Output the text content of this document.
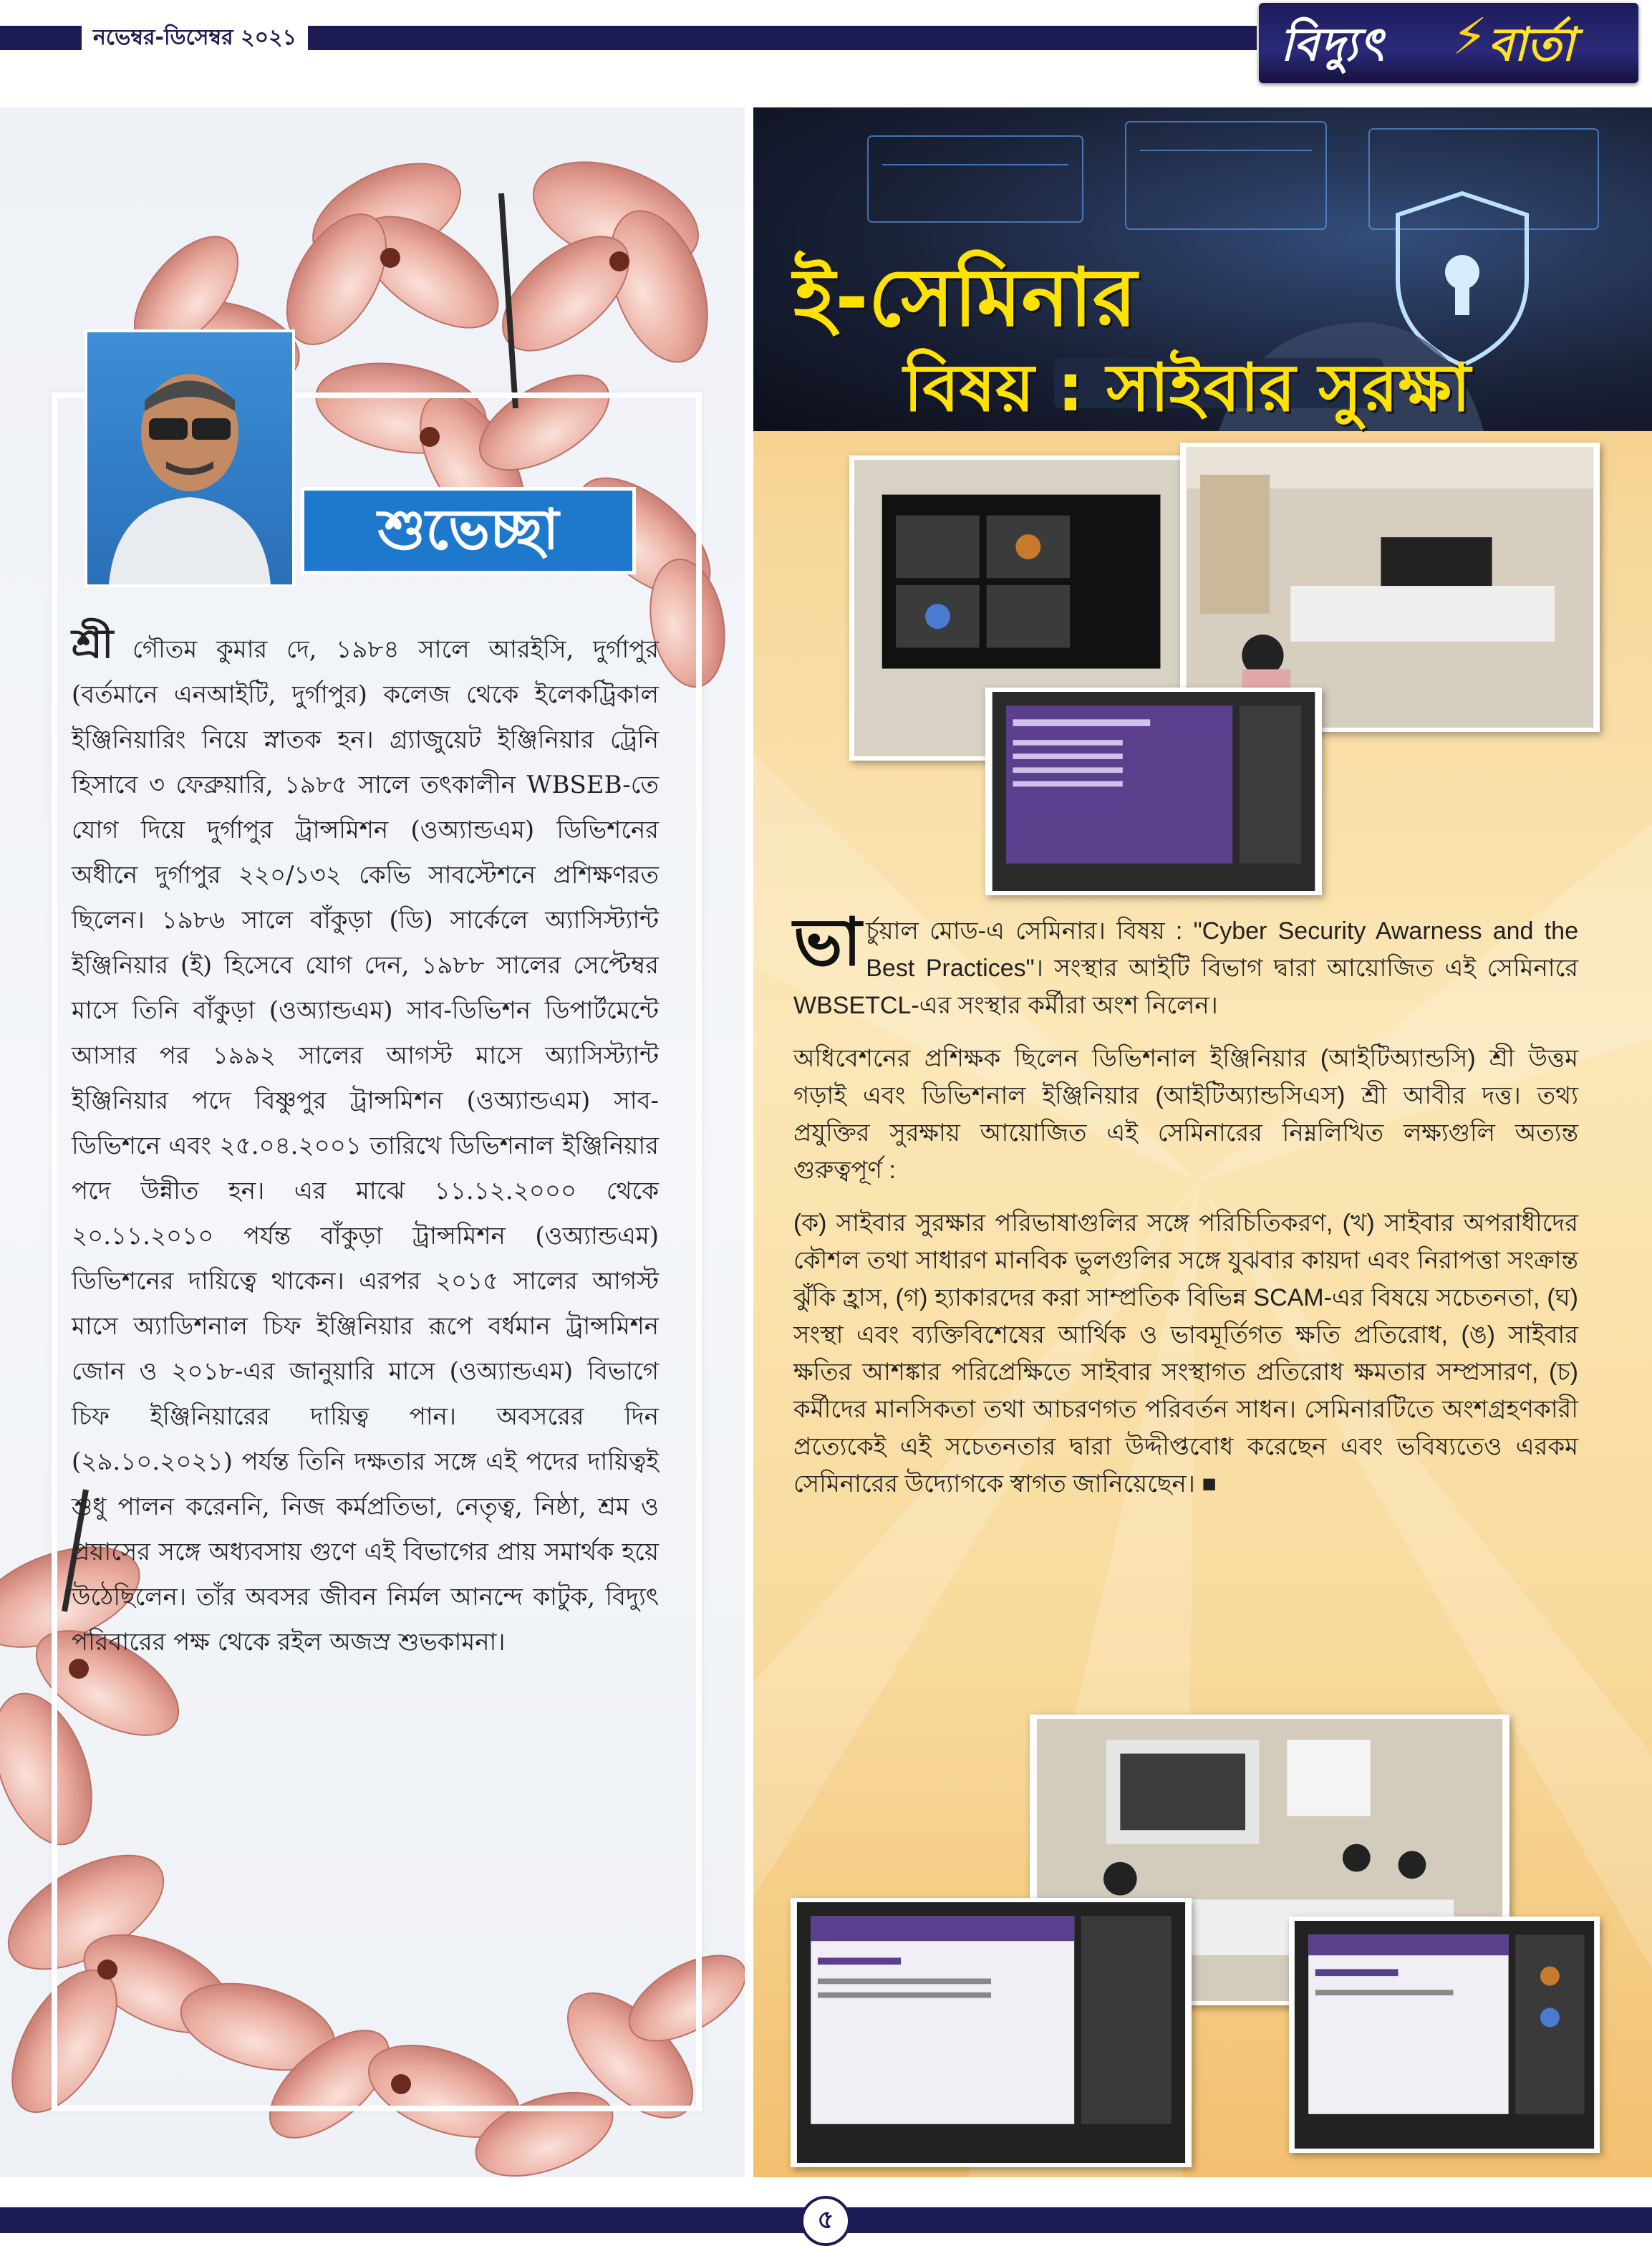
নভেম্বর-ডিসেম্বর ২০২১	বিদ্যুৎ ⚡ বার্তা
শুভেচ্ছা

শ্রী গৌতম কুমার দে, ১৯৮৪ সালে আরইসি, দুর্গাপুর (বর্তমানে এনআইটি, দুর্গাপুর) কলেজ থেকে ইলেকট্রিকাল ইঞ্জিনিয়ারিং নিয়ে স্নাতক হন। গ্র্যাজুয়েট ইঞ্জিনিয়ার ট্রেনি হিসাবে ৩ ফেব্রুয়ারি, ১৯৮৫ সালে তৎকালীন WBSEB-তে যোগ দিয়ে দুর্গাপুর ট্রান্সমিশন (ওঅ্যান্ডএম) ডিভিশনের অধীনে দুর্গাপুর ২২০/১৩২ কেভি সাবস্টেশনে প্রশিক্ষণরত ছিলেন। ১৯৮৬ সালে বাঁকুড়া (ডি) সার্কেলে অ্যাসিস্ট্যান্ট ইঞ্জিনিয়ার (ই) হিসেবে যোগ দেন, ১৯৮৮ সালের সেপ্টেম্বর মাসে তিনি বাঁকুড়া (ওঅ্যান্ডএম) সাব-ডিভিশন ডিপার্টমেন্টে আসার পর ১৯৯২ সালের আগস্ট মাসে অ্যাসিস্ট্যান্ট ইঞ্জিনিয়ার পদে বিষ্ণুপুর ট্রান্সমিশন (ওঅ্যান্ডএম) সাব-ডিভিশনে এবং ২৫.০৪.২০০১ তারিখে ডিভিশনাল ইঞ্জিনিয়ার পদে উন্নীত হন। এর মাঝে ১১.১২.২০০০ থেকে ২০.১১.২০১০ পর্যন্ত বাঁকুড়া ট্রান্সমিশন (ওঅ্যান্ডএম) ডিভিশনের দায়িত্বে থাকেন। এরপর ২০১৫ সালের আগস্ট মাসে অ্যাডিশনাল চিফ ইঞ্জিনিয়ার রূপে বর্ধমান ট্রান্সমিশন জোন ও ২০১৮-এর জানুয়ারি মাসে (ওঅ্যান্ডএম) বিভাগে চিফ ইঞ্জিনিয়ারের দায়িত্ব পান। অবসরের দিন (২৯.১০.২০২১) পর্যন্ত তিনি দক্ষতার সঙ্গে এই পদের দায়িত্বই শুধু পালন করেননি, নিজ কর্মপ্রতিভা, নেতৃত্ব, নিষ্ঠা, শ্রম ও প্রয়াসের সঙ্গে অধ্যবসায় গুণে এই বিভাগের প্রায় সমার্থক হয়ে উঠেছিলেন। তাঁর অবসর জীবন নির্মল আনন্দে কাটুক, বিদ্যুৎ পরিবারের পক্ষ থেকে রইল অজস্র শুভকামনা।

ই-সেমিনার
বিষয় : সাইবার সুরক্ষা

ভার্চুয়াল মোড-এ সেমিনার। বিষয় : "Cyber Security Awarness and the Best Practices"। সংস্থার আইটি বিভাগ দ্বারা আয়োজিত এই সেমিনারে WBSETCL-এর সংস্থার কর্মীরা অংশ নিলেন।

অধিবেশনের প্রশিক্ষক ছিলেন ডিভিশনাল ইঞ্জিনিয়ার (আইটিঅ্যান্ডসি) শ্রী উত্তম গড়াই এবং ডিভিশনাল ইঞ্জিনিয়ার (আইটিঅ্যান্ডসিএস) শ্রী আবীর দত্ত। তথ্য প্রযুক্তির সুরক্ষায় আয়োজিত এই সেমিনারের নিম্নলিখিত লক্ষ্যগুলি অত্যন্ত গুরুত্বপূর্ণ :

(ক) সাইবার সুরক্ষার পরিভাষাগুলির সঙ্গে পরিচিতিকরণ, (খ) সাইবার অপরাধীদের কৌশল তথা সাধারণ মানবিক ভুলগুলির সঙ্গে যুঝবার কায়দা এবং নিরাপত্তা সংক্রান্ত ঝুঁকি হ্রাস, (গ) হ্যাকারদের করা সাম্প্রতিক বিভিন্ন SCAM-এর বিষয়ে সচেতনতা, (ঘ) সংস্থা এবং ব্যক্তিবিশেষের আর্থিক ও ভাবমূর্তিগত ক্ষতি প্রতিরোধ, (ঙ) সাইবার ক্ষতির আশঙ্কার পরিপ্রেক্ষিতে সাইবার সংস্থাগত প্রতিরোধ ক্ষমতার সম্প্রসারণ, (চ) কর্মীদের মানসিকতা তথা আচরণগত পরিবর্তন সাধন। সেমিনারটিতে অংশগ্রহণকারী প্রত্যেকেই এই সচেতনতার দ্বারা উদ্দীপ্তবোধ করেছেন এবং ভবিষ্যতেও এরকম সেমিনারের উদ্যোগকে স্বাগত জানিয়েছেন। ■

৫
